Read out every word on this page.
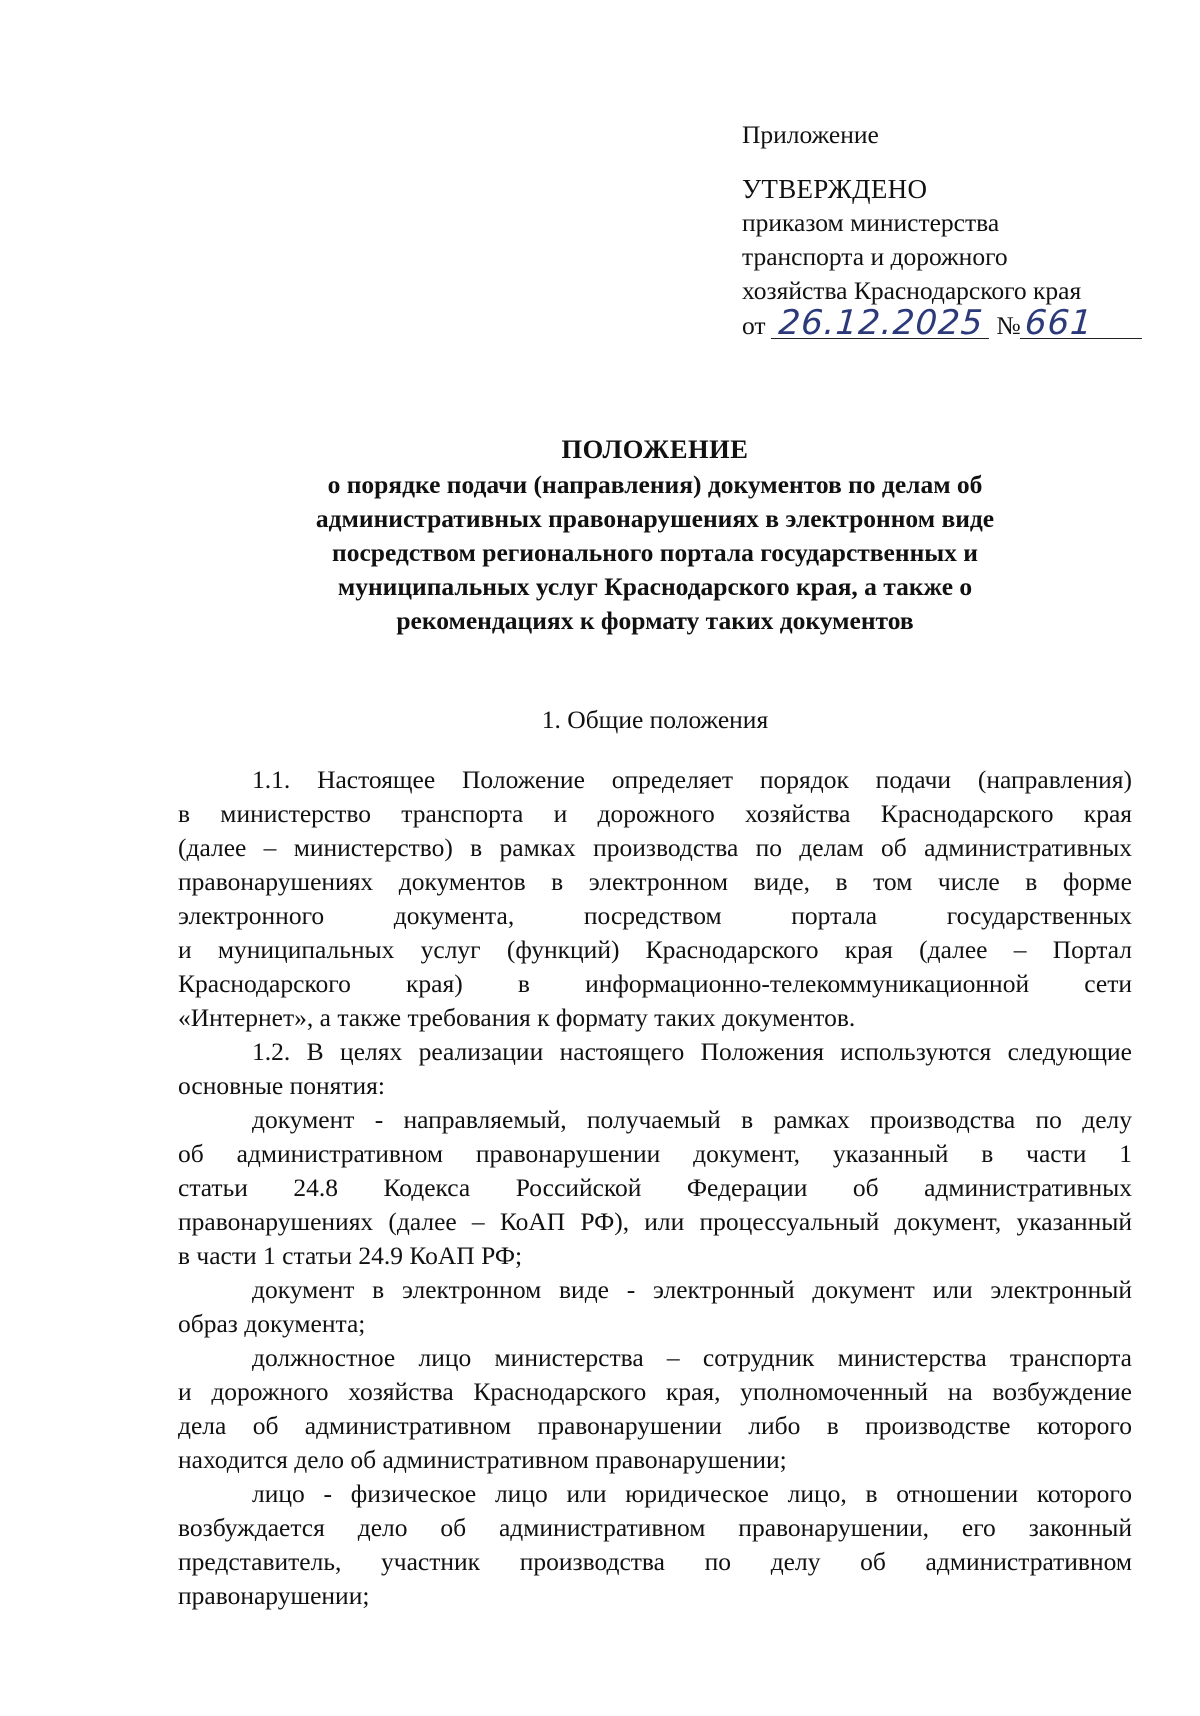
Приложение

УТВЕРЖДЕНО

приказом министерства

транспорта и дорожного

хозяйства Краснодарского края

от 26.12.2025 №661

ПОЛОЖЕНИЕ

о порядке подачи (направления) документов по делам об

административных правонарушениях в электронном виде

посредством регионального портала государственных и

муниципальных услуг Краснодарского края, а также о

рекомендациях к формату таких документов

1. Общие положения

1.1. Настоящее Положение определяет порядок подачи (направления)

в министерство транспорта и дорожного хозяйства Краснодарского края

(далее – министерство) в рамках производства по делам об административных

правонарушениях документов в электронном виде, в том числе в форме

электронного документа, посредством портала государственных

и муниципальных услуг (функций) Краснодарского края (далее – Портал

Краснодарского края) в информационно-телекоммуникационной сети

«Интернет», а также требования к формату таких документов.

1.2. В целях реализации настоящего Положения используются следующие

основные понятия:

документ - направляемый, получаемый в рамках производства по делу

об административном правонарушении документ, указанный в части 1

статьи 24.8 Кодекса Российской Федерации об административных

правонарушениях (далее – КоАП РФ), или процессуальный документ, указанный

в части 1 статьи 24.9 КоАП РФ;

документ в электронном виде - электронный документ или электронный

образ документа;

должностное лицо министерства – сотрудник министерства транспорта

и дорожного хозяйства Краснодарского края, уполномоченный на возбуждение

дела об административном правонарушении либо в производстве которого

находится дело об административном правонарушении;

лицо - физическое лицо или юридическое лицо, в отношении которого

возбуждается дело об административном правонарушении, его законный

представитель, участник производства по делу об административном

правонарушении;
